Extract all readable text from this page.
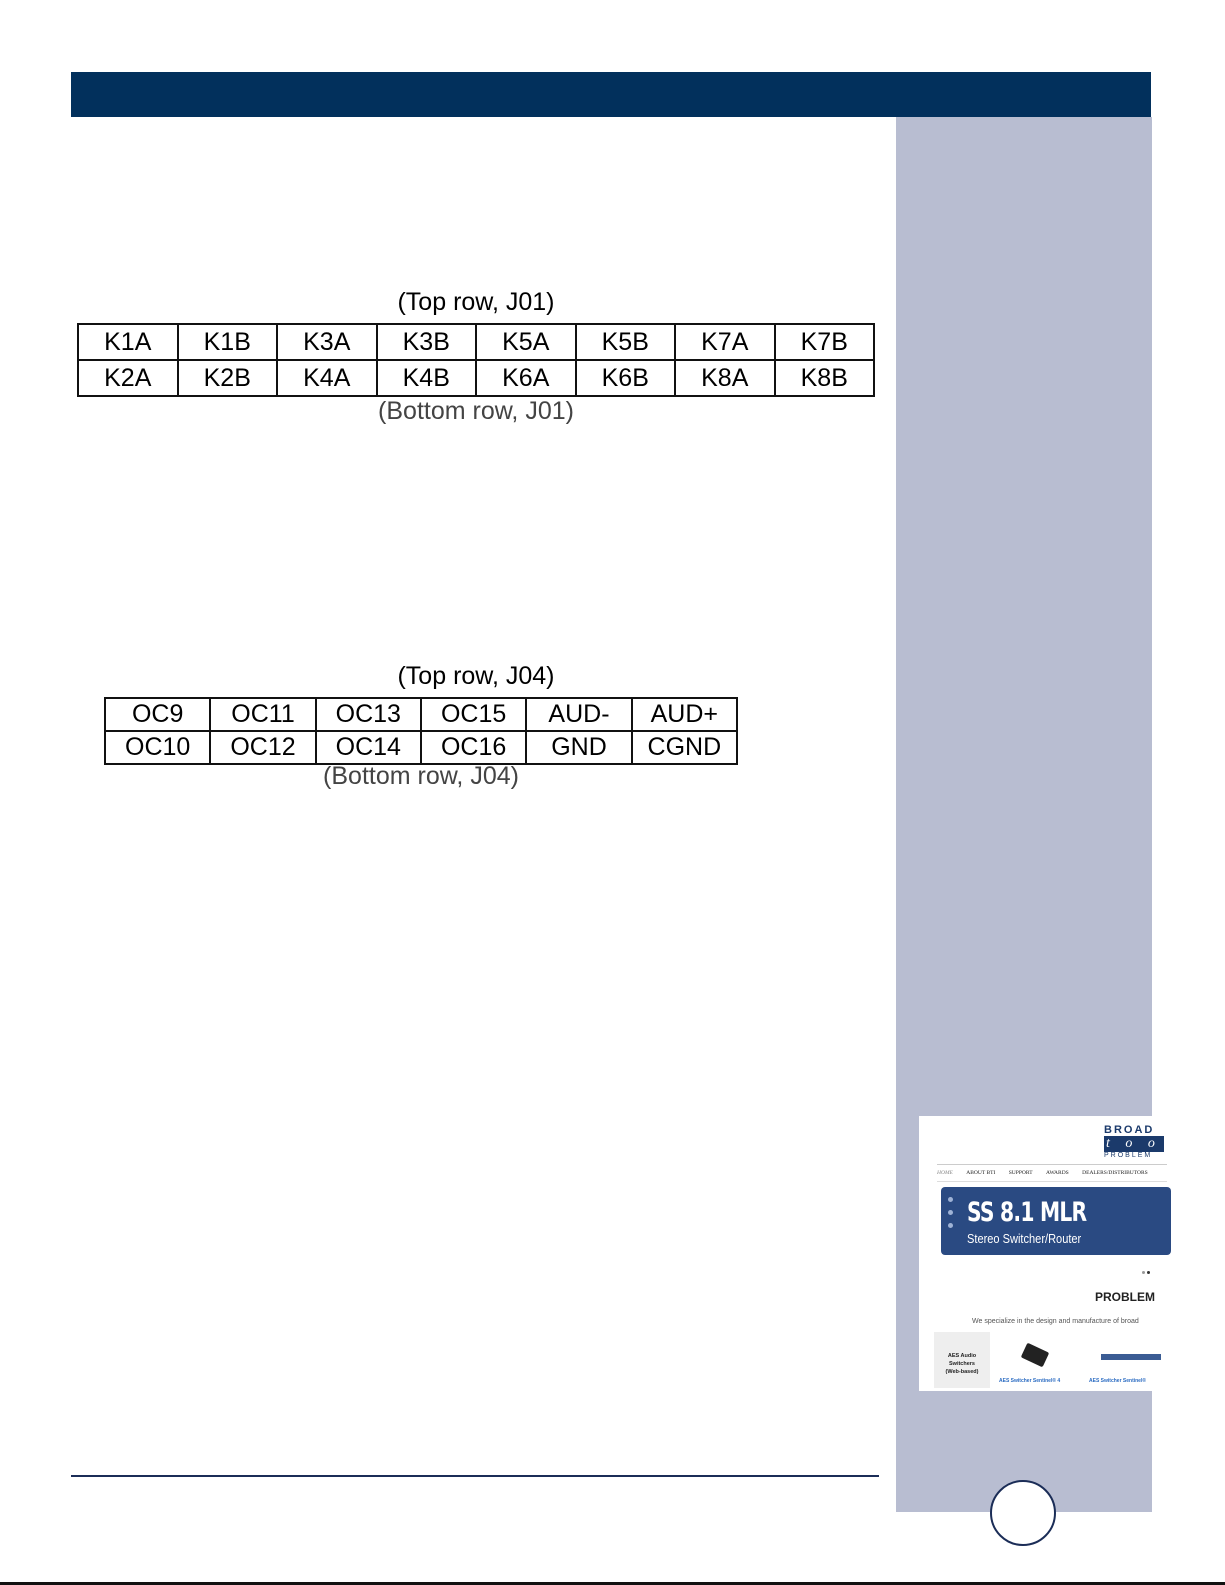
(Top row, J01)
K1A	K1B	K3A	K3B	K5A	K5B	K7A	K7B
K2A	K2B	K4A	K4B	K6A	K6B	K8A	K8B
(Bottom row, J01)
(Top row, J04)
OC9	OC11	OC13	OC15	AUD-	AUD+
OC10	OC12	OC14	OC16	GND	CGND
(Bottom row, J04)
BROAD
t o o
PROBLEM
HOME ABOUT BTI SUPPORT AWARDS DEALERS/DISTRIBUTORS
SS 8.1 MLR
Stereo Switcher/Router
PROBLEM
We specialize in the design and manufacture of broad
AES Audio
Switchers
(Web-based)
AES Switcher Sentinel® 4	AES Switcher Sentinel®
